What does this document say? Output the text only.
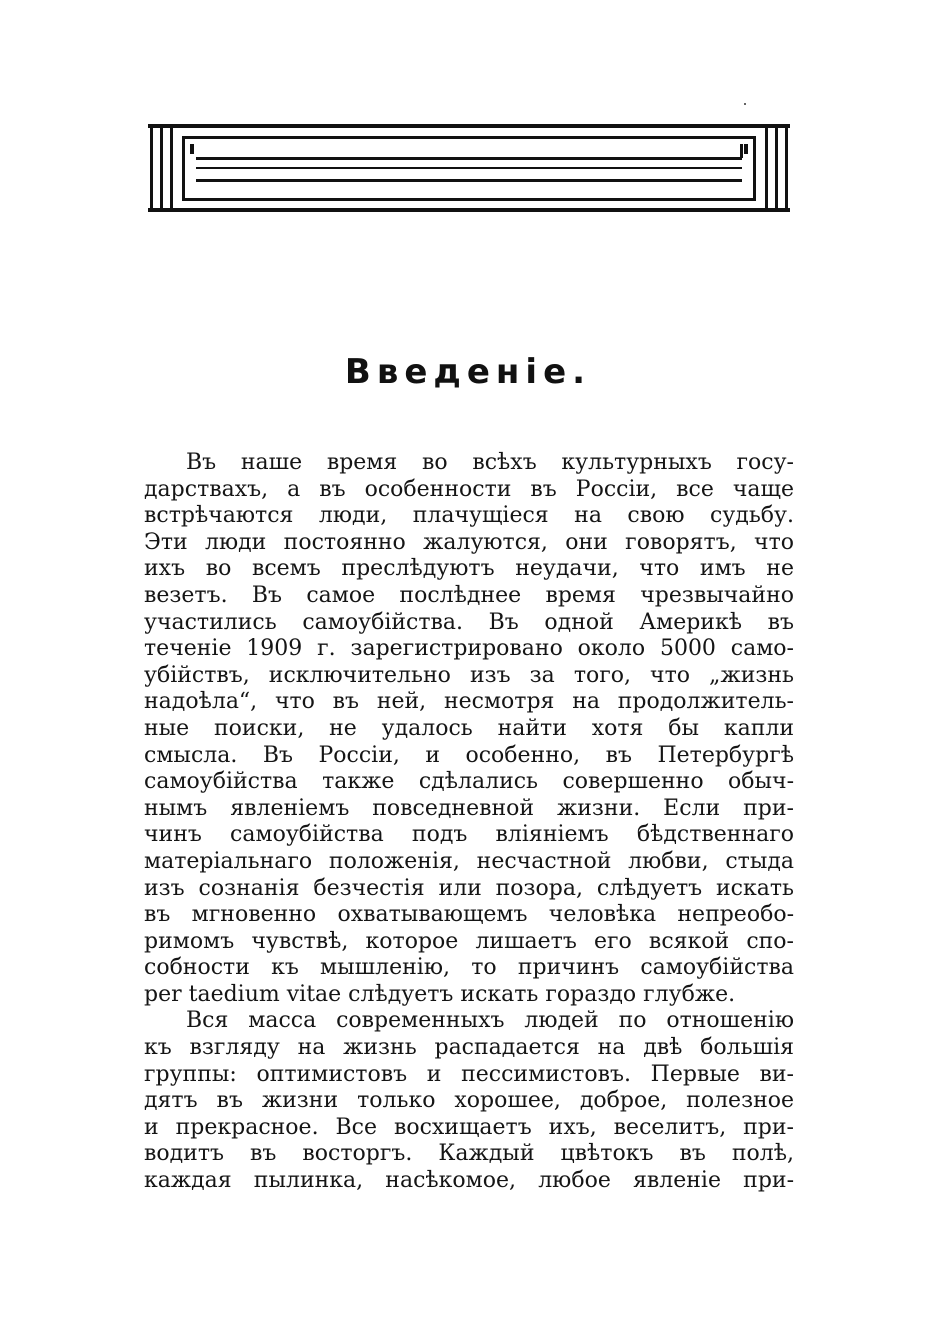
Введеніе.
Въ наше время во всѣхъ культурныхъ госу-
дарствахъ, а въ особенности въ Россіи, все чаще
встрѣчаются люди, плачущіеся на свою судьбу.
Эти люди постоянно жалуются, они говорятъ, что
ихъ во всемъ преслѣдуютъ неудачи, что имъ не
везетъ. Въ самое послѣднее время чрезвычайно
участились самоубійства. Въ одной Америкѣ въ
теченіе 1909 г. зарегистрировано около 5000 само-
убійствъ, исключительно изъ за того, что „жизнь
надоѣла“, что въ ней, несмотря на продолжитель-
ные поиски, не удалось найти хотя бы капли
смысла. Въ Россіи, и особенно, въ Петербургѣ
самоубійства также сдѣлались совершенно обыч-
нымъ явленіемъ повседневной жизни. Если при-
чинъ самоубійства подъ вліяніемъ бѣдственнаго
матеріальнаго положенія, несчастной любви, стыда
изъ сознанія безчестія или позора, слѣдуетъ искать
въ мгновенно охватывающемъ человѣка непреобо-
римомъ чувствѣ, которое лишаетъ его всякой спо-
собности къ мышленію, то причинъ самоубійства
per taedium vitae слѣдуетъ искать гораздо глубже.
Вся масса современныхъ людей по отношенію
къ взгляду на жизнь распадается на двѣ большія
группы: оптимистовъ и пессимистовъ. Первые ви-
дятъ въ жизни только хорошее, доброе, полезное
и прекрасное. Все восхищаетъ ихъ, веселитъ, при-
водитъ въ восторгъ. Каждый цвѣтокъ въ полѣ,
каждая пылинка, насѣкомое, любое явленіе при-
